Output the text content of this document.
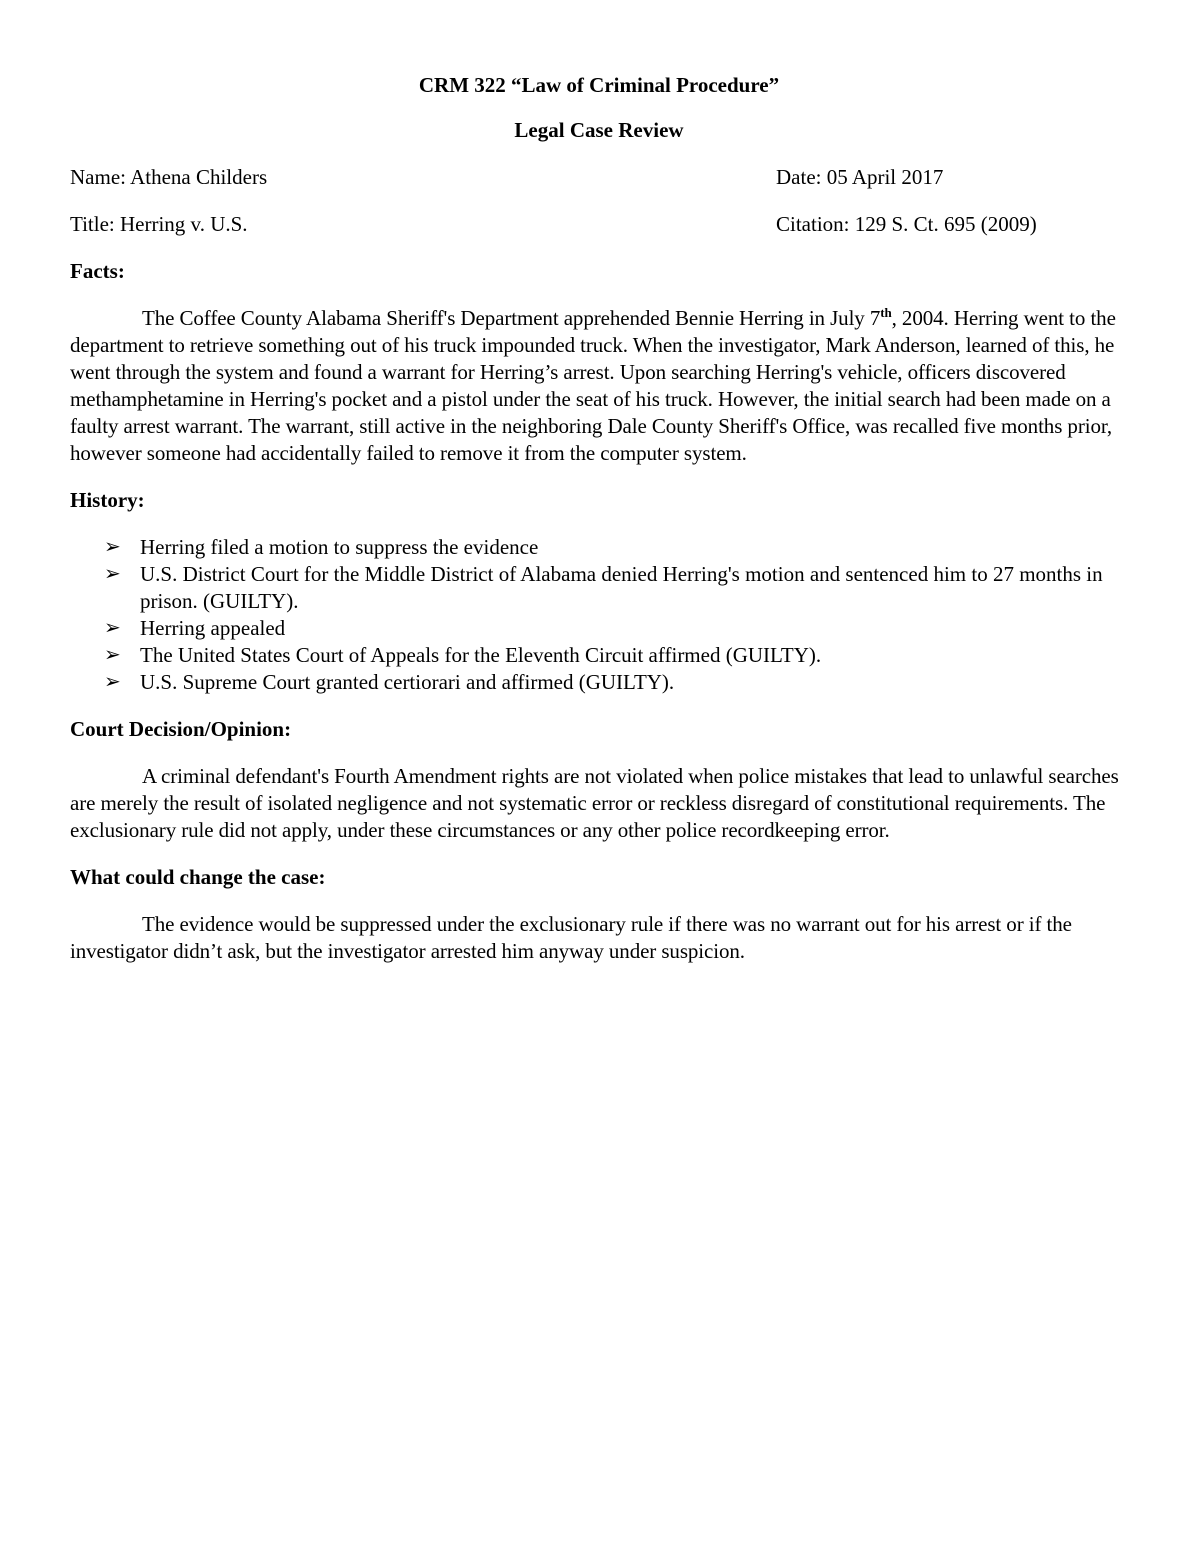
CRM 322 “Law of Criminal Procedure”

Legal Case Review

Name: Athena Childers	Date: 05 April 2017
Title: Herring v. U.S.	Citation: 129 S. Ct. 695 (2009)

Facts:

The Coffee County Alabama Sheriff's Department apprehended Bennie Herring in July 7th, 2004. Herring went to the department to retrieve something out of his truck impounded truck. When the investigator, Mark Anderson, learned of this, he went through the system and found a warrant for Herring’s arrest. Upon searching Herring's vehicle, officers discovered methamphetamine in Herring's pocket and a pistol under the seat of his truck. However, the initial search had been made on a faulty arrest warrant. The warrant, still active in the neighboring Dale County Sheriff's Office, was recalled five months prior, however someone had accidentally failed to remove it from the computer system.

History:

➢ Herring filed a motion to suppress the evidence
➢ U.S. District Court for the Middle District of Alabama denied Herring's motion and sentenced him to 27 months in prison. (GUILTY).
➢ Herring appealed
➢ The United States Court of Appeals for the Eleventh Circuit affirmed (GUILTY).
➢ U.S. Supreme Court granted certiorari and affirmed (GUILTY).

Court Decision/Opinion:

A criminal defendant's Fourth Amendment rights are not violated when police mistakes that lead to unlawful searches are merely the result of isolated negligence and not systematic error or reckless disregard of constitutional requirements. The exclusionary rule did not apply, under these circumstances or any other police recordkeeping error.

What could change the case:

The evidence would be suppressed under the exclusionary rule if there was no warrant out for his arrest or if the investigator didn’t ask, but the investigator arrested him anyway under suspicion.
